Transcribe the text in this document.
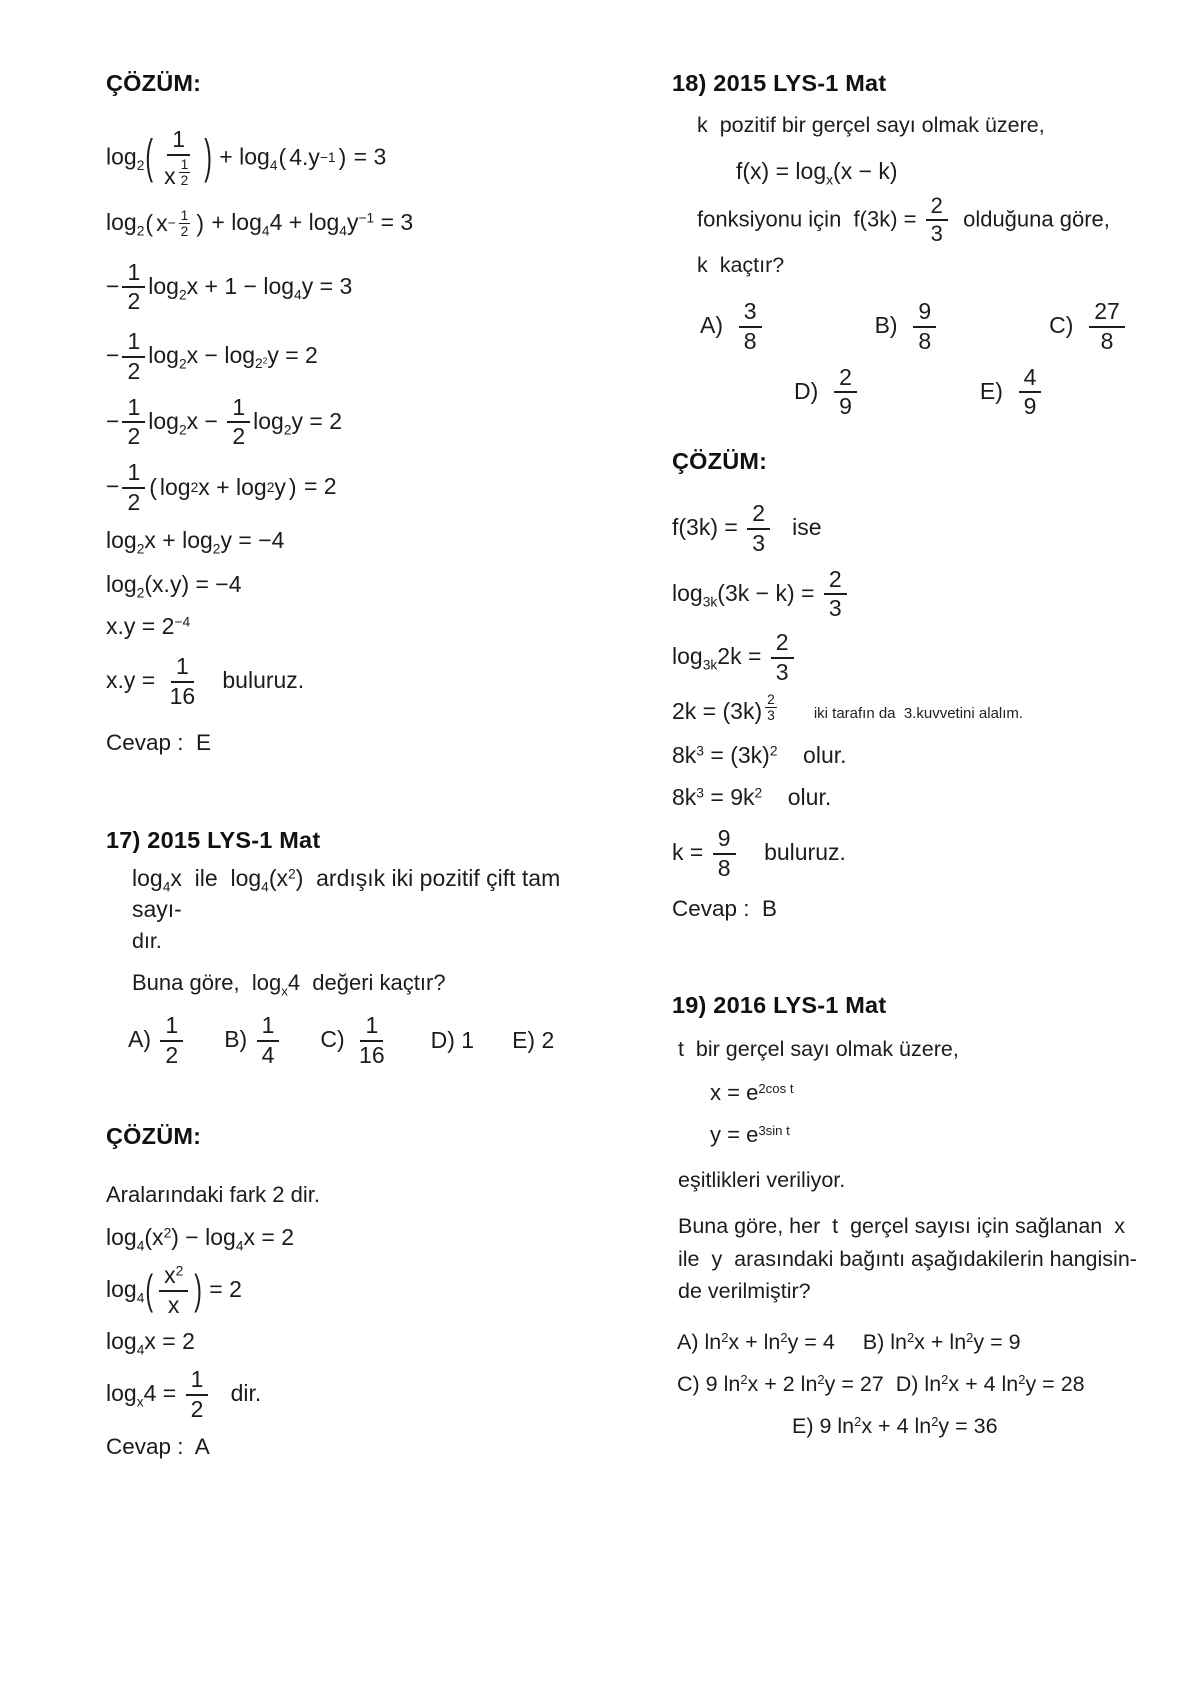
ÇÖZÜM:
$\log_2$ ( 1
x $^{\frac{1}{2}}$ ) + $\log_4$ ( 4.y −1 ) = 3
$\log_2$ ( $x - \frac{1}{2}$ ) + $\log_44 + \log_4y^{-1} = 3$
− $\frac{1}{2} \log_2x + 1 - \log_4y = 3$
− $\frac{1}{2} \log_2x - \log_{2^2}y = 2$
− $\frac{1}{2} \log_2x - \frac{1}{2} \log_2y = 2$
− $\frac{1}{2}$ ( log 2 x + log 2 y ) = 2
$\log_2x + \log_2y = -4$
$\log_2(x.y) = -4$
$x.y = 2^{-4}$
$x.y = \frac{1}{16}$ buluruz.
Cevap :  E
17) 2015 LYS-1 Mat
$\log_4x$  ile  $\log_4(x^2)$  ardışık iki pozitif çift tam sayı-
dır.
Buna göre,  $\log_x4$  değeri kaçtır?
$A) \frac{1}{2} B) \frac{1}{4} C) \frac{1}{16} D$) 1 E) 2
ÇÖZÜM:
Aralarındaki fark 2 dir.
$\log_4(x^2) - \log_4x = 2$
$\log_4$ ( $\frac{x^2}{x}$ ) = 2
$\log_4x = 2$
$\log_x4 = \frac{1}{2}$ dir.
Cevap :  A
18) 2015 LYS-1 Mat
k  pozitif bir gerçel sayı olmak üzere,
$f(x) = \log_x(x - k)$
fonksiyonu için  $f(3k) = \frac{2}{3}$ olduğuna göre,
k  kaçtır?
$A) \frac{3}{8}$	$B) \frac{9}{8}$	$C) \frac{27}{8}$
$D) \frac{2}{9}$	$E) \frac{4}{9}$
ÇÖZÜM:
$f(3k) = \frac{2}{3}$ ise
$\log_{3k}(3k - k) = \frac{2}{3}$
$\log_{3k}2k = \frac{2}{3}$
2k = (3k) $^{\frac{2}{3}}$ iki tarafın da  3.kuvvetini alalım.
$8k^3 = (3k)^2$    olur.
$8k^3 = 9k^2$    olur.
$k = \frac{9}{8}$ buluruz.
Cevap :  B
19) 2016 LYS-1 Mat
t  bir gerçel sayı olmak üzere,
$x = e^{2cos t}$
$y = e^{3sin t}$
eşitlikleri veriliyor.
Buna göre, her  t  gerçel sayısı için sağlanan  x
ile  y  arasındaki bağıntı aşağıdakilerin hangisin-
de verilmiştir?
A) $\ln^2x + \ln^2y = 4$ B) $\ln^2x + \ln^2y = 9$
C) 9 $\ln^2x + 2$ $\ln^2y = 27$ D) $\ln^2x + 4$ $\ln^2y = 28$
E) 9 $\ln^2x + 4$ $\ln^2y = 36$
